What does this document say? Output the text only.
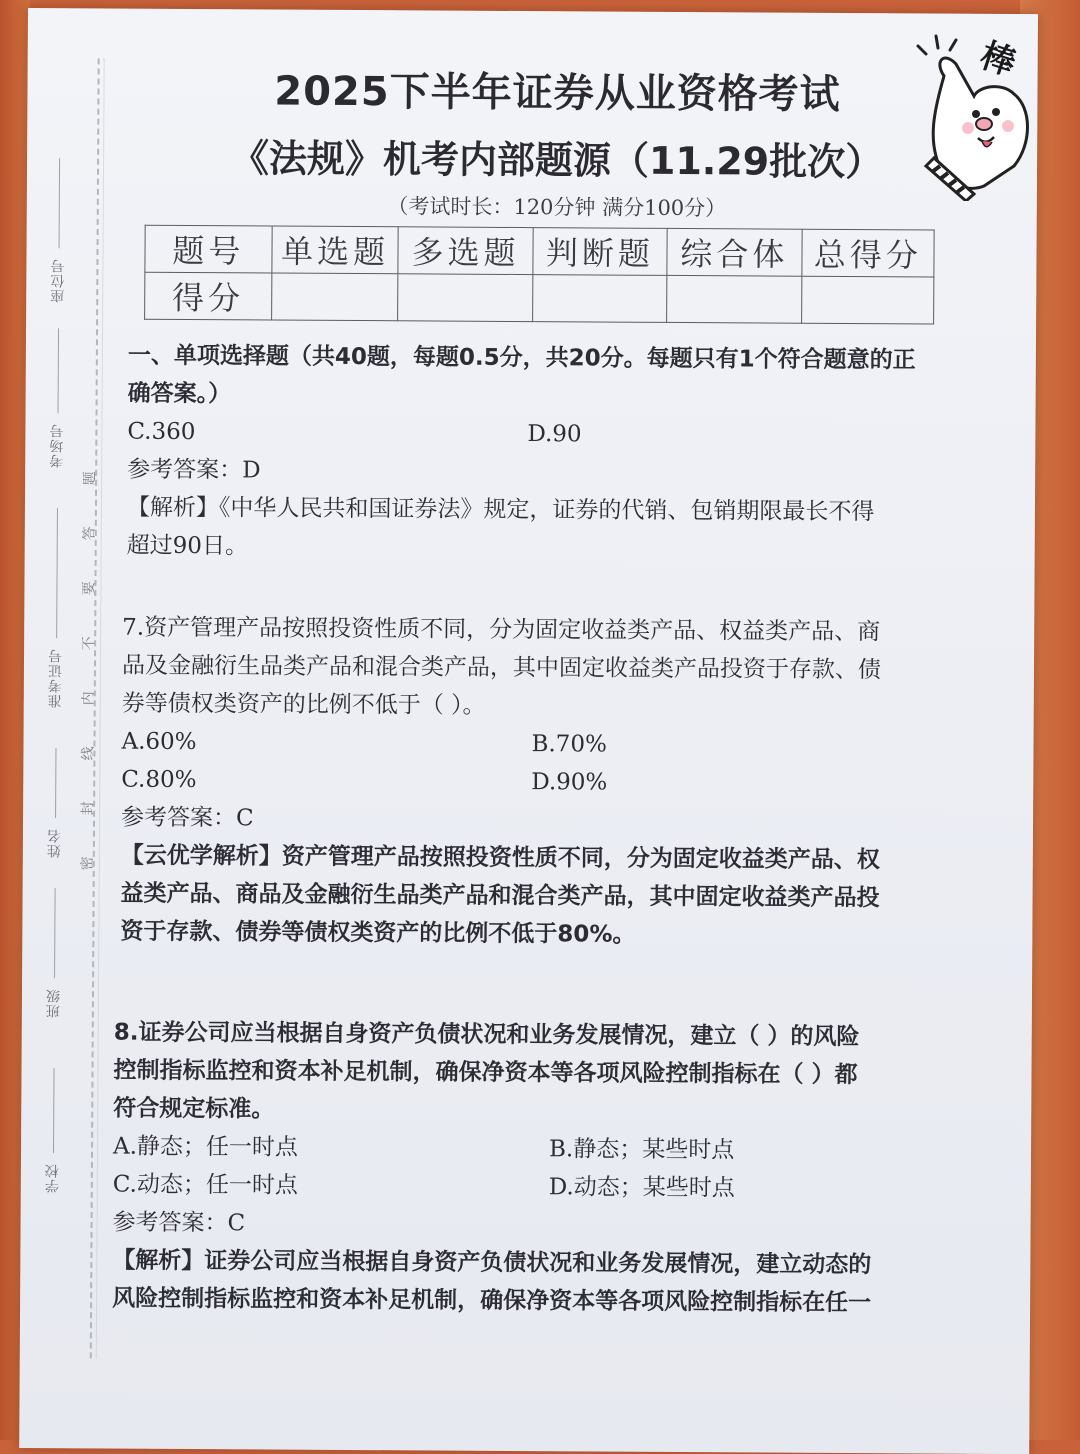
座位号
考场号
准考证号
姓名
班级
学校
题
答
要
不
内
线
封
密
2025下半年证券从业资格考试
《法规》机考内部题源（11.29批次）
（考试时长：120分钟 满分100分）
题号	单选题	多选题	判断题	综合体	总得分
得分					
一、单项选择题（共40题，每题0.5分，共20分。每题只有1个符合题意的正
确答案。）
C.360	D.90
参考答案：D
【解析】《中华人民共和国证券法》规定，证券的代销、包销期限最长不得
超过90日。
7.资产管理产品按照投资性质不同，分为固定收益类产品、权益类产品、商
品及金融衍生品类产品和混合类产品，其中固定收益类产品投资于存款、债
券等债权类资产的比例不低于（ ）。
A.60%	B.70%
C.80%	D.90%
参考答案：C
【云优学解析】资产管理产品按照投资性质不同，分为固定收益类产品、权
益类产品、商品及金融衍生品类产品和混合类产品，其中固定收益类产品投
资于存款、债券等债权类资产的比例不低于80%。
8.证券公司应当根据自身资产负债状况和业务发展情况，建立（ ）的风险
控制指标监控和资本补足机制，确保净资本等各项风险控制指标在（ ）都
符合规定标准。
A.静态；任一时点	B.静态；某些时点
C.动态；任一时点	D.动态；某些时点
参考答案：C
【解析】证券公司应当根据自身资产负债状况和业务发展情况，建立动态的
风险控制指标监控和资本补足机制，确保净资本等各项风险控制指标在任一
棒
